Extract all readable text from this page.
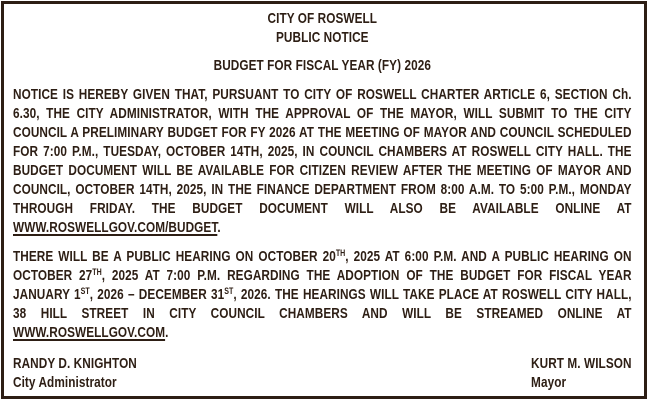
CITY OF ROSWELL
PUBLIC NOTICE
BUDGET FOR FISCAL YEAR (FY) 2026

NOTICE IS HEREBY GIVEN THAT, PURSUANT TO CITY OF ROSWELL CHARTER ARTICLE 6, SECTION Ch. 6.30, THE CITY ADMINISTRATOR, WITH THE APPROVAL OF THE MAYOR, WILL SUBMIT TO THE CITY COUNCIL A PRELIMINARY BUDGET FOR FY 2026 AT THE MEETING OF MAYOR AND COUNCIL SCHEDULED FOR 7:00 P.M., TUESDAY, OCTOBER 14TH, 2025, IN COUNCIL CHAMBERS AT ROSWELL CITY HALL. THE BUDGET DOCUMENT WILL BE AVAILABLE FOR CITIZEN REVIEW AFTER THE MEETING OF MAYOR AND COUNCIL, OCTOBER 14TH, 2025, IN THE FINANCE DEPARTMENT FROM 8:00 A.M. TO 5:00 P.M., MONDAY THROUGH FRIDAY. THE BUDGET DOCUMENT WILL ALSO BE AVAILABLE ONLINE AT WWW.ROSWELLGOV.COM/BUDGET.

THERE WILL BE A PUBLIC HEARING ON OCTOBER 20TH, 2025 AT 6:00 P.M. AND A PUBLIC HEARING ON OCTOBER 27TH, 2025 AT 7:00 P.M. REGARDING THE ADOPTION OF THE BUDGET FOR FISCAL YEAR JANUARY 1ST, 2026 – DECEMBER 31ST, 2026. THE HEARINGS WILL TAKE PLACE AT ROSWELL CITY HALL, 38 HILL STREET IN CITY COUNCIL CHAMBERS AND WILL BE STREAMED ONLINE AT WWW.ROSWELLGOV.COM.

RANDY D. KNIGHTON
City Administrator
KURT M. WILSON
Mayor
